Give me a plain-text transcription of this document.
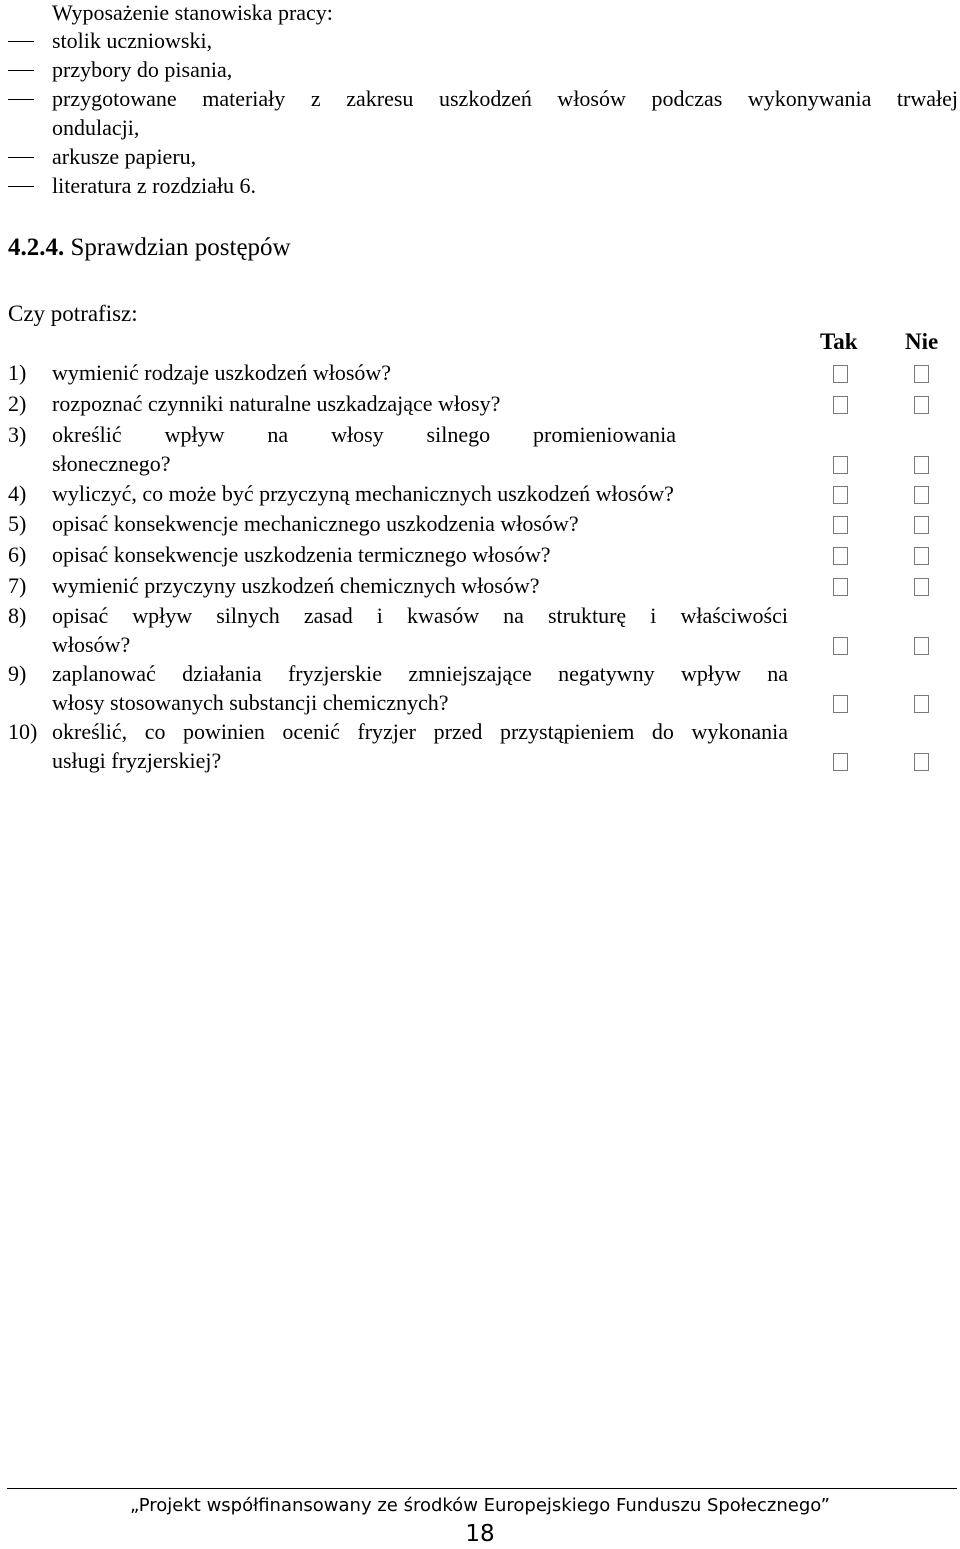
Wyposażenie stanowiska pracy:
stolik uczniowski,
przybory do pisania,
przygotowane materiały z zakresu uszkodzeń włosów podczas wykonywania trwałej
ondulacji,
arkusze papieru,
literatura z rozdziału 6.
4.2.4. Sprawdzian postępów
Czy potrafisz:
Tak Nie
1)	wymienić rodzaje uszkodzeń włosów?
2)	rozpoznać czynniki naturalne uszkadzające włosy?
3)	określić wpływ na włosy silnego promieniowania
słonecznego?
4)	wyliczyć, co może być przyczyną mechanicznych uszkodzeń włosów?
5)	opisać konsekwencje mechanicznego uszkodzenia włosów?
6)	opisać konsekwencje uszkodzenia termicznego włosów?
7)	wymienić przyczyny uszkodzeń chemicznych włosów?
8)	opisać wpływ silnych zasad i kwasów na strukturę i właściwości
włosów?
9)	zaplanować działania fryzjerskie zmniejszające negatywny wpływ na
włosy stosowanych substancji chemicznych?
10) określić, co powinien ocenić fryzjer przed przystąpieniem do wykonania
usługi fryzjerskiej?
„Projekt współfinansowany ze środków Europejskiego Funduszu Społecznego”
18
